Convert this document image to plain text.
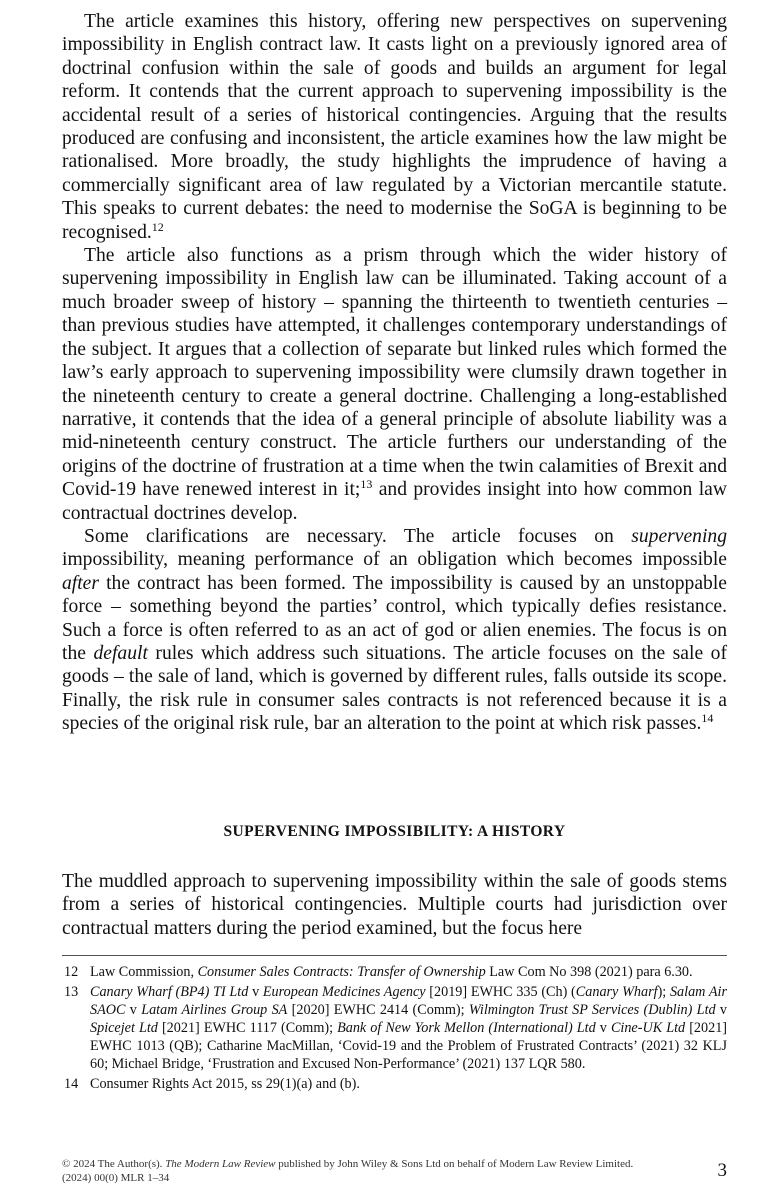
The article examines this history, offering new perspectives on supervening impossibility in English contract law. It casts light on a previously ignored area of doctrinal confusion within the sale of goods and builds an argument for legal reform. It contends that the current approach to supervening impossibility is the accidental result of a series of historical contingencies. Arguing that the results produced are confusing and inconsistent, the article examines how the law might be rationalised. More broadly, the study highlights the imprudence of having a commercially significant area of law regulated by a Victorian mercantile statute. This speaks to current debates: the need to modernise the SoGA is beginning to be recognised.$^{12}$

The article also functions as a prism through which the wider history of supervening impossibility in English law can be illuminated. Taking account of a much broader sweep of history – spanning the thirteenth to twentieth centuries – than previous studies have attempted, it challenges contemporary understandings of the subject. It argues that a collection of separate but linked rules which formed the law’s early approach to supervening impossibility were clumsily drawn together in the nineteenth century to create a general doctrine. Challenging a long-established narrative, it contends that the idea of a general principle of absolute liability was a mid-nineteenth century construct. The article furthers our understanding of the origins of the doctrine of frustration at a time when the twin calamities of Brexit and Covid-19 have renewed interest in it;$^{13}$ and provides insight into how common law contractual doctrines develop.

Some clarifications are necessary. The article focuses on supervening impossibility, meaning performance of an obligation which becomes impossible after the contract has been formed. The impossibility is caused by an unstoppable force – something beyond the parties’ control, which typically defies resistance. Such a force is often referred to as an act of god or alien enemies. The focus is on the default rules which address such situations. The article focuses on the sale of goods – the sale of land, which is governed by different rules, falls outside its scope. Finally, the risk rule in consumer sales contracts is not referenced because it is a species of the original risk rule, bar an alteration to the point at which risk passes.$^{14}$

SUPERVENING IMPOSSIBILITY: A HISTORY

The muddled approach to supervening impossibility within the sale of goods stems from a series of historical contingencies. Multiple courts had jurisdiction over contractual matters during the period examined, but the focus here

12 Law Commission, Consumer Sales Contracts: Transfer of Ownership Law Com No 398 (2021) para 6.30.
13 Canary Wharf (BP4) TI Ltd v European Medicines Agency [2019] EWHC 335 (Ch) (Canary Wharf); Salam Air SAOC v Latam Airlines Group SA [2020] EWHC 2414 (Comm); Wilmington Trust SP Services (Dublin) Ltd v Spicejet Ltd [2021] EWHC 1117 (Comm); Bank of New York Mellon (International) Ltd v Cine-UK Ltd [2021] EWHC 1013 (QB); Catharine MacMillan, ‘Covid-19 and the Problem of Frustrated Contracts’ (2021) 32 KLJ 60; Michael Bridge, ‘Frustration and Excused Non-Performance’ (2021) 137 LQR 580.
14 Consumer Rights Act 2015, ss 29(1)(a) and (b).
© 2024 The Author(s). The Modern Law Review published by John Wiley & Sons Ltd on behalf of Modern Law Review Limited.
(2024) 00(0) MLR 1–34	3
